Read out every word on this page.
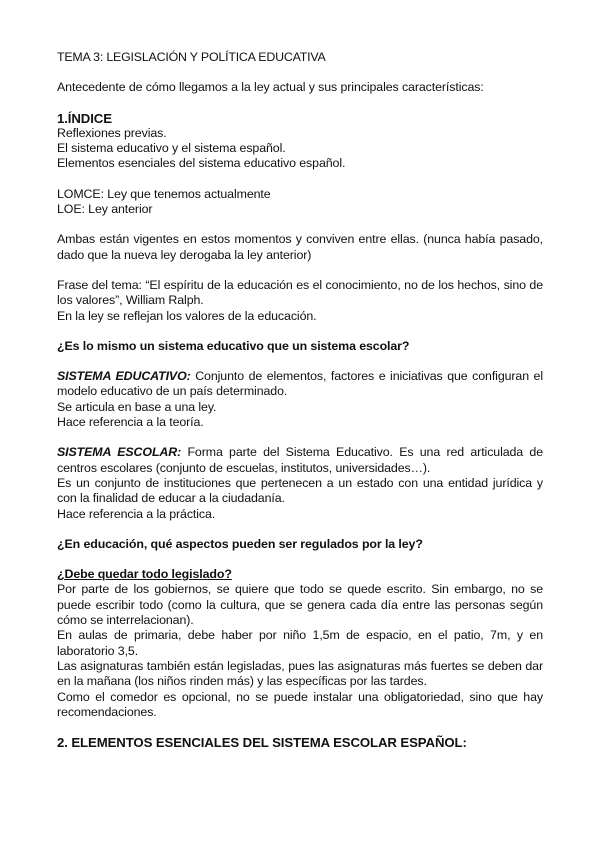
TEMA 3: LEGISLACIÓN Y POLÍTICA EDUCATIVA

Antecedente de cómo llegamos a la ley actual y sus principales características:

1.ÍNDICE

Reflexiones previas.

El sistema educativo y el sistema español.

Elementos esenciales del sistema educativo español.

LOMCE: Ley que tenemos actualmente

LOE: Ley anterior

Ambas están vigentes en estos momentos y conviven entre ellas. (nunca había pasado, dado que la nueva ley derogaba la ley anterior)

Frase del tema: “El espíritu de la educación es el conocimiento, no de los hechos, sino de los valores”, William Ralph.

En la ley se reflejan los valores de la educación.

¿Es lo mismo un sistema educativo que un sistema escolar?

SISTEMA EDUCATIVO: Conjunto de elementos, factores e iniciativas que configuran el modelo educativo de un país determinado.

Se articula en base a una ley.

Hace referencia a la teoría.

SISTEMA ESCOLAR: Forma parte del Sistema Educativo. Es una red articulada de centros escolares (conjunto de escuelas, institutos, universidades…).

Es un conjunto de instituciones que pertenecen a un estado con una entidad jurídica y con la finalidad de educar a la ciudadanía.

Hace referencia a la práctica.

¿En educación, qué aspectos pueden ser regulados por la ley?

¿Debe quedar todo legislado?

Por parte de los gobiernos, se quiere que todo se quede escrito. Sin embargo, no se puede escribir todo (como la cultura, que se genera cada día entre las personas según cómo se interrelacionan).

En aulas de primaria, debe haber por niño 1,5m de espacio, en el patio, 7m, y en laboratorio 3,5.

Las asignaturas también están legisladas, pues las asignaturas más fuertes se deben dar en la mañana (los niños rinden más) y las específicas por las tardes.

Como el comedor es opcional, no se puede instalar una obligatoriedad, sino que hay recomendaciones.

2. ELEMENTOS ESENCIALES DEL SISTEMA ESCOLAR ESPAÑOL:
